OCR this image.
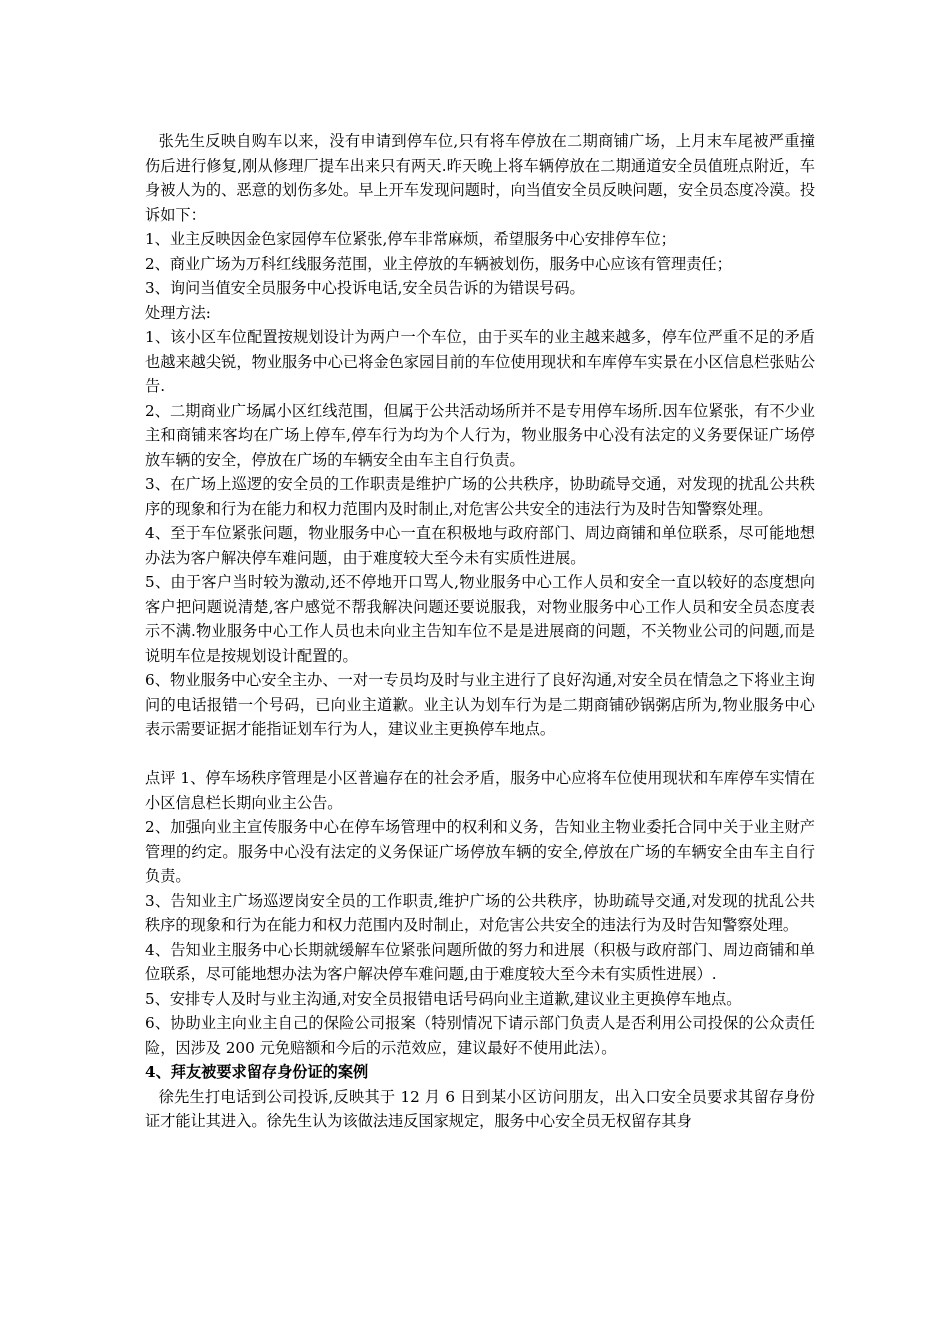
张先生反映自购车以来，没有申请到停车位,只有将车停放在二期商铺广场，上月末车尾被严重撞伤后进行修复,刚从修理厂提车出来只有两天.昨天晚上将车辆停放在二期通道安全员值班点附近，车身被人为的、恶意的划伤多处。早上开车发现问题时，向当值安全员反映问题，安全员态度冷漠。投诉如下：

1、业主反映因金色家园停车位紧张,停车非常麻烦，希望服务中心安排停车位；

2、商业广场为万科红线服务范围，业主停放的车辆被划伤，服务中心应该有管理责任；

3、询问当值安全员服务中心投诉电话,安全员告诉的为错误号码。

处理方法:

1、该小区车位配置按规划设计为两户一个车位，由于买车的业主越来越多，停车位严重不足的矛盾也越来越尖锐，物业服务中心已将金色家园目前的车位使用现状和车库停车实景在小区信息栏张贴公告.

2、二期商业广场属小区红线范围，但属于公共活动场所并不是专用停车场所.因车位紧张，有不少业主和商铺来客均在广场上停车,停车行为均为个人行为，物业服务中心没有法定的义务要保证广场停放车辆的安全，停放在广场的车辆安全由车主自行负责。

3、在广场上巡逻的安全员的工作职责是维护广场的公共秩序，协助疏导交通，对发现的扰乱公共秩序的现象和行为在能力和权力范围内及时制止,对危害公共安全的违法行为及时告知警察处理。

4、至于车位紧张问题，物业服务中心一直在积极地与政府部门、周边商铺和单位联系，尽可能地想办法为客户解决停车难问题，由于难度较大至今未有实质性进展。

5、由于客户当时较为激动,还不停地开口骂人,物业服务中心工作人员和安全一直以较好的态度想向客户把问题说清楚,客户感觉不帮我解决问题还要说服我，对物业服务中心工作人员和安全员态度表示不满.物业服务中心工作人员也未向业主告知车位不是是进展商的问题，不关物业公司的问题,而是说明车位是按规划设计配置的。

6、物业服务中心安全主办、一对一专员均及时与业主进行了良好沟通,对安全员在情急之下将业主询问的电话报错一个号码，已向业主道歉。业主认为划车行为是二期商铺砂锅粥店所为,物业服务中心表示需要证据才能指证划车行为人，建议业主更换停车地点。

点评 1、停车场秩序管理是小区普遍存在的社会矛盾，服务中心应将车位使用现状和车库停车实情在小区信息栏长期向业主公告。

2、加强向业主宣传服务中心在停车场管理中的权利和义务，告知业主物业委托合同中关于业主财产管理的约定。服务中心没有法定的义务保证广场停放车辆的安全,停放在广场的车辆安全由车主自行负责。

3、告知业主广场巡逻岗安全员的工作职责,维护广场的公共秩序，协助疏导交通,对发现的扰乱公共秩序的现象和行为在能力和权力范围内及时制止，对危害公共安全的违法行为及时告知警察处理。

4、告知业主服务中心长期就缓解车位紧张问题所做的努力和进展（积极与政府部门、周边商铺和单位联系，尽可能地想办法为客户解决停车难问题,由于难度较大至今未有实质性进展）.

5、安排专人及时与业主沟通,对安全员报错电话号码向业主道歉,建议业主更换停车地点。

6、协助业主向业主自己的保险公司报案（特别情况下请示部门负责人是否利用公司投保的公众责任险，因涉及 200 元免赔额和今后的示范效应，建议最好不使用此法）。

4、拜友被要求留存身份证的案例

徐先生打电话到公司投诉,反映其于 12 月 6 日到某小区访问朋友，出入口安全员要求其留存身份证才能让其进入。徐先生认为该做法违反国家规定，服务中心安全员无权留存其身
